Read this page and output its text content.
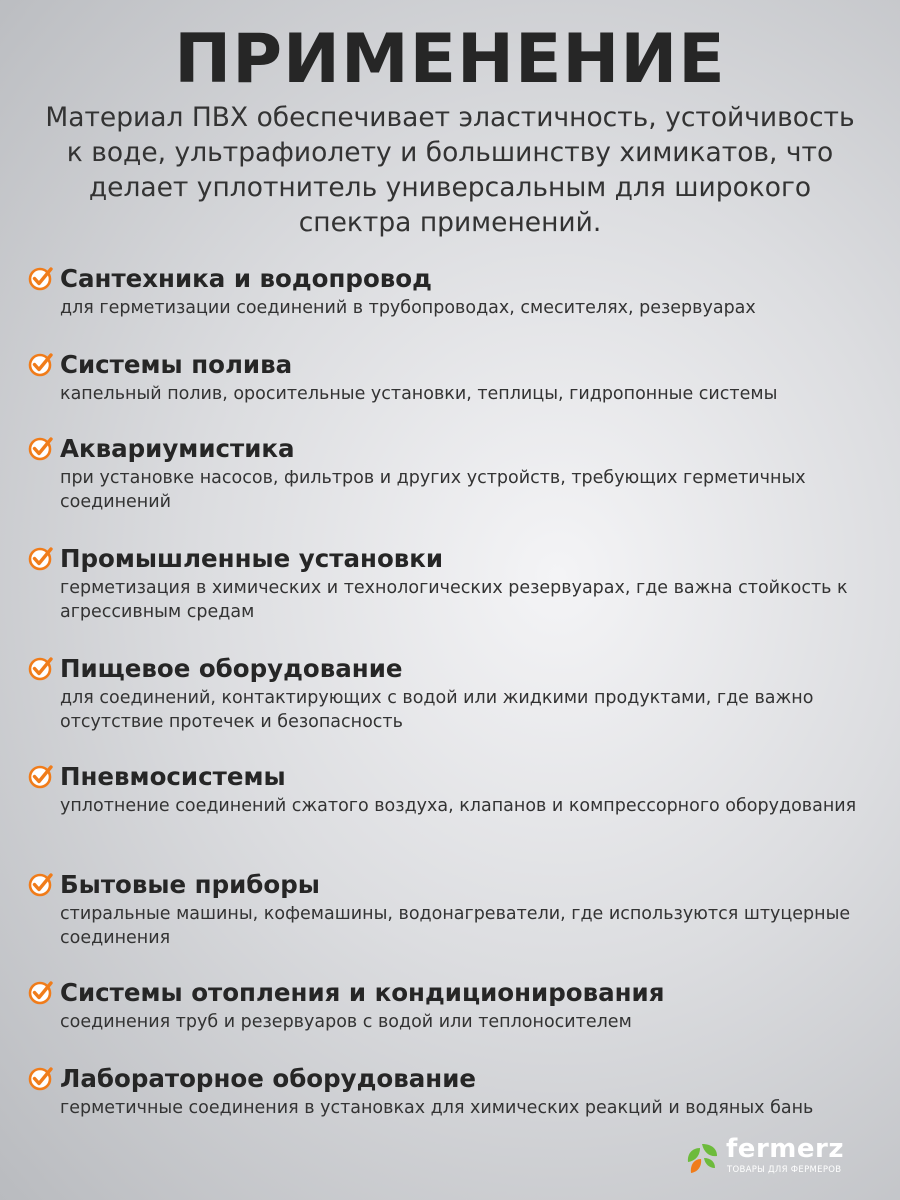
ПРИМЕНЕНИЕ
Материал ПВХ обеспечивает эластичность, устойчивость к воде, ультрафиолету и большинству химикатов, что делает уплотнитель универсальным для широкого спектра применений.
Сантехника и водопровод
для герметизации соединений в трубопроводах, смесителях, резервуарах
Системы полива
капельный полив, оросительные установки, теплицы, гидропонные системы
Аквариумистика
при установке насосов, фильтров и других устройств, требующих герметичных соединений
Промышленные установки
герметизация в химических и технологических резервуарах, где важна стойкость к агрессивным средам
Пищевое оборудование
для соединений, контактирующих с водой или жидкими продуктами, где важно отсутствие протечек и безопасность
Пневмосистемы
уплотнение соединений сжатого воздуха, клапанов и компрессорного оборудования
Бытовые приборы
стиральные машины, кофемашины, водонагреватели, где используются штуцерные соединения
Системы отопления и кондиционирования
соединения труб и резервуаров с водой или теплоносителем
Лабораторное оборудование
герметичные соединения в установках для химических реакций и водяных бань
fermerz
ТОВАРЫ ДЛЯ ФЕРМЕРОВ
